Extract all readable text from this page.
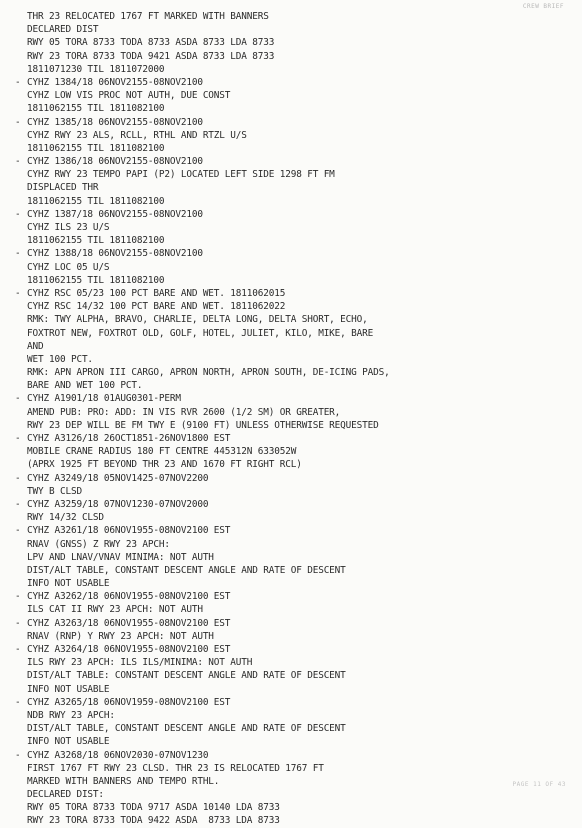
CREW BRIEF
THR 23 RELOCATED 1767 FT MARKED WITH BANNERS
DECLARED DIST
RWY 05 TORA 8733 TODA 8733 ASDA 8733 LDA 8733
RWY 23 TORA 8733 TODA 9421 ASDA 8733 LDA 8733
1811071230 TIL 1811072000
- CYHZ 1384/18 06NOV2155-08NOV2100
CYHZ LOW VIS PROC NOT AUTH, DUE CONST
1811062155 TIL 1811082100
- CYHZ 1385/18 06NOV2155-08NOV2100
CYHZ RWY 23 ALS, RCLL, RTHL AND RTZL U/S
1811062155 TIL 1811082100
- CYHZ 1386/18 06NOV2155-08NOV2100
CYHZ RWY 23 TEMPO PAPI (P2) LOCATED LEFT SIDE 1298 FT FM
DISPLACED THR
1811062155 TIL 1811082100
- CYHZ 1387/18 06NOV2155-08NOV2100
CYHZ ILS 23 U/S
1811062155 TIL 1811082100
- CYHZ 1388/18 06NOV2155-08NOV2100
CYHZ LOC 05 U/S
1811062155 TIL 1811082100
- CYHZ RSC 05/23 100 PCT BARE AND WET. 1811062015
CYHZ RSC 14/32 100 PCT BARE AND WET. 1811062022
RMK: TWY ALPHA, BRAVO, CHARLIE, DELTA LONG, DELTA SHORT, ECHO,
FOXTROT NEW, FOXTROT OLD, GOLF, HOTEL, JULIET, KILO, MIKE, BARE
AND
WET 100 PCT.
RMK: APN APRON III CARGO, APRON NORTH, APRON SOUTH, DE-ICING PADS,
BARE AND WET 100 PCT.
- CYHZ A1901/18 01AUG0301-PERM
AMEND PUB: PRO: ADD: IN VIS RVR 2600 (1/2 SM) OR GREATER,
RWY 23 DEP WILL BE FM TWY E (9100 FT) UNLESS OTHERWISE REQUESTED
- CYHZ A3126/18 26OCT1851-26NOV1800 EST
MOBILE CRANE RADIUS 180 FT CENTRE 445312N 633052W
(APRX 1925 FT BEYOND THR 23 AND 1670 FT RIGHT RCL)
- CYHZ A3249/18 05NOV1425-07NOV2200
TWY B CLSD
- CYHZ A3259/18 07NOV1230-07NOV2000
RWY 14/32 CLSD
- CYHZ A3261/18 06NOV1955-08NOV2100 EST
RNAV (GNSS) Z RWY 23 APCH:
LPV AND LNAV/VNAV MINIMA: NOT AUTH
DIST/ALT TABLE, CONSTANT DESCENT ANGLE AND RATE OF DESCENT
INFO NOT USABLE
- CYHZ A3262/18 06NOV1955-08NOV2100 EST
ILS CAT II RWY 23 APCH: NOT AUTH
- CYHZ A3263/18 06NOV1955-08NOV2100 EST
RNAV (RNP) Y RWY 23 APCH: NOT AUTH
- CYHZ A3264/18 06NOV1955-08NOV2100 EST
ILS RWY 23 APCH: ILS ILS/MINIMA: NOT AUTH
DIST/ALT TABLE: CONSTANT DESCENT ANGLE AND RATE OF DESCENT
INFO NOT USABLE
- CYHZ A3265/18 06NOV1959-08NOV2100 EST
NDB RWY 23 APCH:
DIST/ALT TABLE, CONSTANT DESCENT ANGLE AND RATE OF DESCENT
INFO NOT USABLE
- CYHZ A3268/18 06NOV2030-07NOV1230
FIRST 1767 FT RWY 23 CLSD. THR 23 IS RELOCATED 1767 FT
MARKED WITH BANNERS AND TEMPO RTHL.
DECLARED DIST:
RWY 05 TORA 8733 TODA 9717 ASDA 10140 LDA 8733
RWY 23 TORA 8733 TODA 9422 ASDA  8733 LDA 8733
PAGE 11 OF 43
